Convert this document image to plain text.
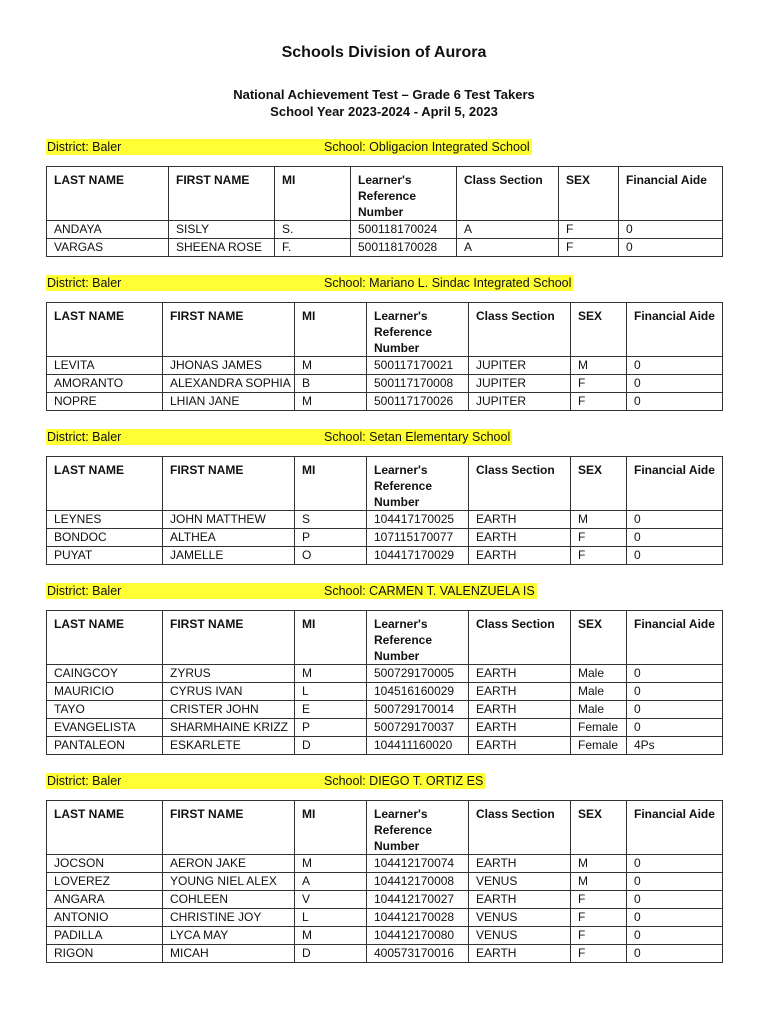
Schools Division of Aurora
National Achievement Test – Grade 6 Test Takers
School Year 2023-2024 - April 5, 2023
District: Baler	School: Obligacion Integrated School
LAST NAME	FIRST NAME	MI	Learner's Reference Number	Class Section	SEX	Financial Aide
ANDAYA	SISLY	S.	500118170024	A	F	0
VARGAS	SHEENA ROSE	F.	500118170028	A	F	0
District: Baler	School: Mariano L. Sindac Integrated School
LAST NAME	FIRST NAME	MI	Learner's Reference Number	Class Section	SEX	Financial Aide
LEVITA	JHONAS JAMES	M	500117170021	JUPITER	M	0
AMORANTO	ALEXANDRA SOPHIA	B	500117170008	JUPITER	F	0
NOPRE	LHIAN JANE	M	500117170026	JUPITER	F	0
District: Baler	School: Setan Elementary School
LAST NAME	FIRST NAME	MI	Learner's Reference Number	Class Section	SEX	Financial Aide
LEYNES	JOHN MATTHEW	S	104417170025	EARTH	M	0
BONDOC	ALTHEA	P	107115170077	EARTH	F	0
PUYAT	JAMELLE	O	104417170029	EARTH	F	0
District: Baler	School: CARMEN T. VALENZUELA IS
LAST NAME	FIRST NAME	MI	Learner's Reference Number	Class Section	SEX	Financial Aide
CAINGCOY	ZYRUS	M	500729170005	EARTH	Male	0
MAURICIO	CYRUS IVAN	L	104516160029	EARTH	Male	0
TAYO	CRISTER JOHN	E	500729170014	EARTH	Male	0
EVANGELISTA	SHARMHAINE KRIZZ	P	500729170037	EARTH	Female	0
PANTALEON	ESKARLETE	D	104411160020	EARTH	Female	4Ps
District: Baler	School: DIEGO T. ORTIZ ES
LAST NAME	FIRST NAME	MI	Learner's Reference Number	Class Section	SEX	Financial Aide
JOCSON	AERON JAKE	M	104412170074	EARTH	M	0
LOVEREZ	YOUNG NIEL ALEX	A	104412170008	VENUS	M	0
ANGARA	COHLEEN	V	104412170027	EARTH	F	0
ANTONIO	CHRISTINE JOY	L	104412170028	VENUS	F	0
PADILLA	LYCA MAY	M	104412170080	VENUS	F	0
RIGON	MICAH	D	400573170016	EARTH	F	0
